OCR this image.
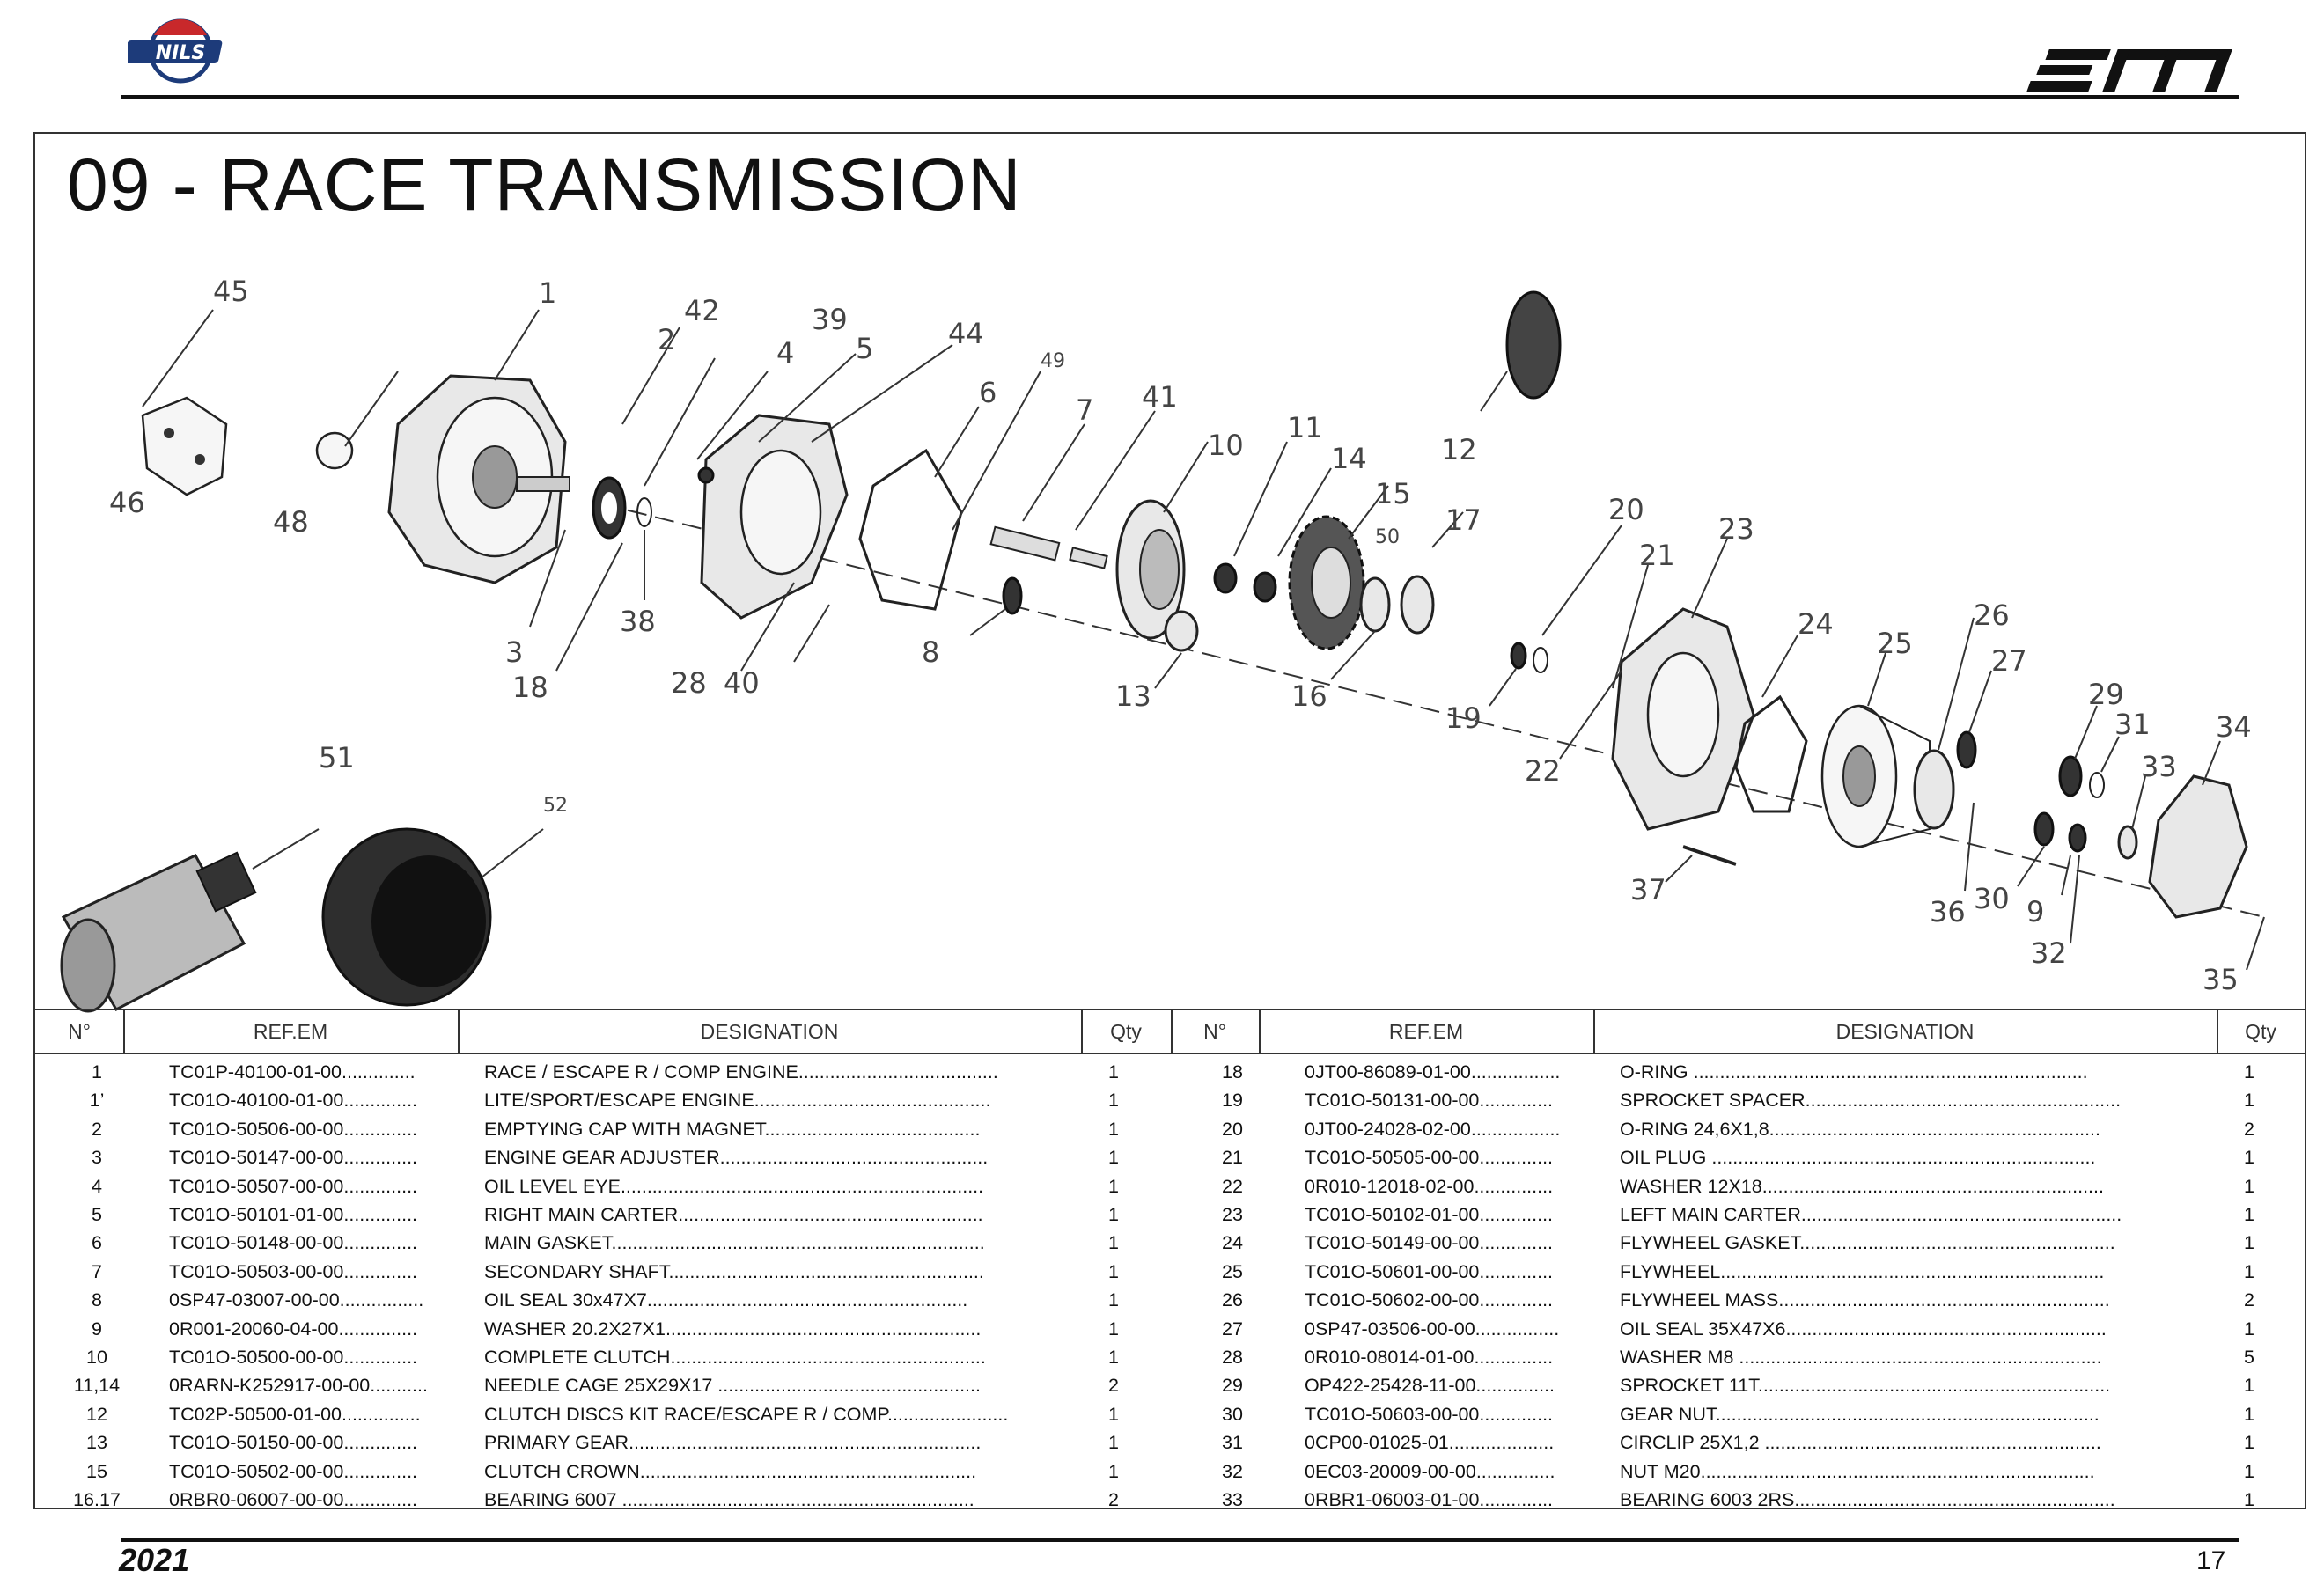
NILS
09 - RACE TRANSMISSION
45	1
42
2
39
4 5	44
49
6
7 41
10
11
14	12
15
50
17	20
21
23
24
25
26
27
29
31
33
34
46
48
3
38
18	28 40
8
13	16
19
22
37
36 30 9
32
35
51
52
N°	REF.EM	DESIGNATION	Qty
1	TC01P-40100-01-00..............	RACE / ESCAPE R / COMP ENGINE......................................	1
1’	TC01O-40100-01-00..............	LITE/SPORT/ESCAPE ENGINE.............................................	1
2	TC01O-50506-00-00..............	EMPTYING CAP WITH MAGNET.........................................	1
3	TC01O-50147-00-00..............	ENGINE GEAR ADJUSTER...................................................	1
4	TC01O-50507-00-00..............	OIL LEVEL EYE.....................................................................	1
5	TC01O-50101-01-00..............	RIGHT MAIN CARTER..........................................................	1
6	TC01O-50148-00-00..............	MAIN GASKET.......................................................................	1
7	TC01O-50503-00-00..............	SECONDARY SHAFT............................................................	1
8	0SP47-03007-00-00................	OIL SEAL 30x47X7.............................................................	1
9	0R001-20060-04-00...............	WASHER 20.2X27X1............................................................	1
10	TC01O-50500-00-00..............	COMPLETE CLUTCH............................................................	1
11,14	0RARN-K252917-00-00...........	NEEDLE CAGE 25X29X17 ..................................................	2
12	TC02P-50500-01-00...............	CLUTCH DISCS KIT RACE/ESCAPE R / COMP.......................	1
13	TC01O-50150-00-00..............	PRIMARY GEAR...................................................................	1
15	TC01O-50502-00-00..............	CLUTCH CROWN................................................................	1
16.17	0RBR0-06007-00-00..............	BEARING 6007 ...................................................................	2
N°	REF.EM	DESIGNATION	Qty
18	0JT00-86089-01-00.................	O-RING ...........................................................................	1
19	TC01O-50131-00-00..............	SPROCKET SPACER............................................................	1
20	0JT00-24028-02-00.................	O-RING 24,6X1,8...............................................................	2
21	TC01O-50505-00-00..............	OIL PLUG .........................................................................	1
22	0R010-12018-02-00...............	WASHER 12X18.................................................................	1
23	TC01O-50102-01-00..............	LEFT MAIN CARTER.............................................................	1
24	TC01O-50149-00-00..............	FLYWHEEL GASKET............................................................	1
25	TC01O-50601-00-00..............	FLYWHEEL.........................................................................	1
26	TC01O-50602-00-00..............	FLYWHEEL MASS...............................................................	2
27	0SP47-03506-00-00................	OIL SEAL 35X47X6.............................................................	1
28	0R010-08014-01-00...............	WASHER M8 .....................................................................	5
29	OP422-25428-11-00...............	SPROCKET 11T...................................................................	1
30	TC01O-50603-00-00..............	GEAR NUT.........................................................................	1
31	0CP00-01025-01....................	CIRCLIP 25X1,2 ................................................................	1
32	0EC03-20009-00-00...............	NUT M20...........................................................................	1
33	0RBR1-06003-01-00..............	BEARING 6003 2RS.............................................................	1
2021	17
